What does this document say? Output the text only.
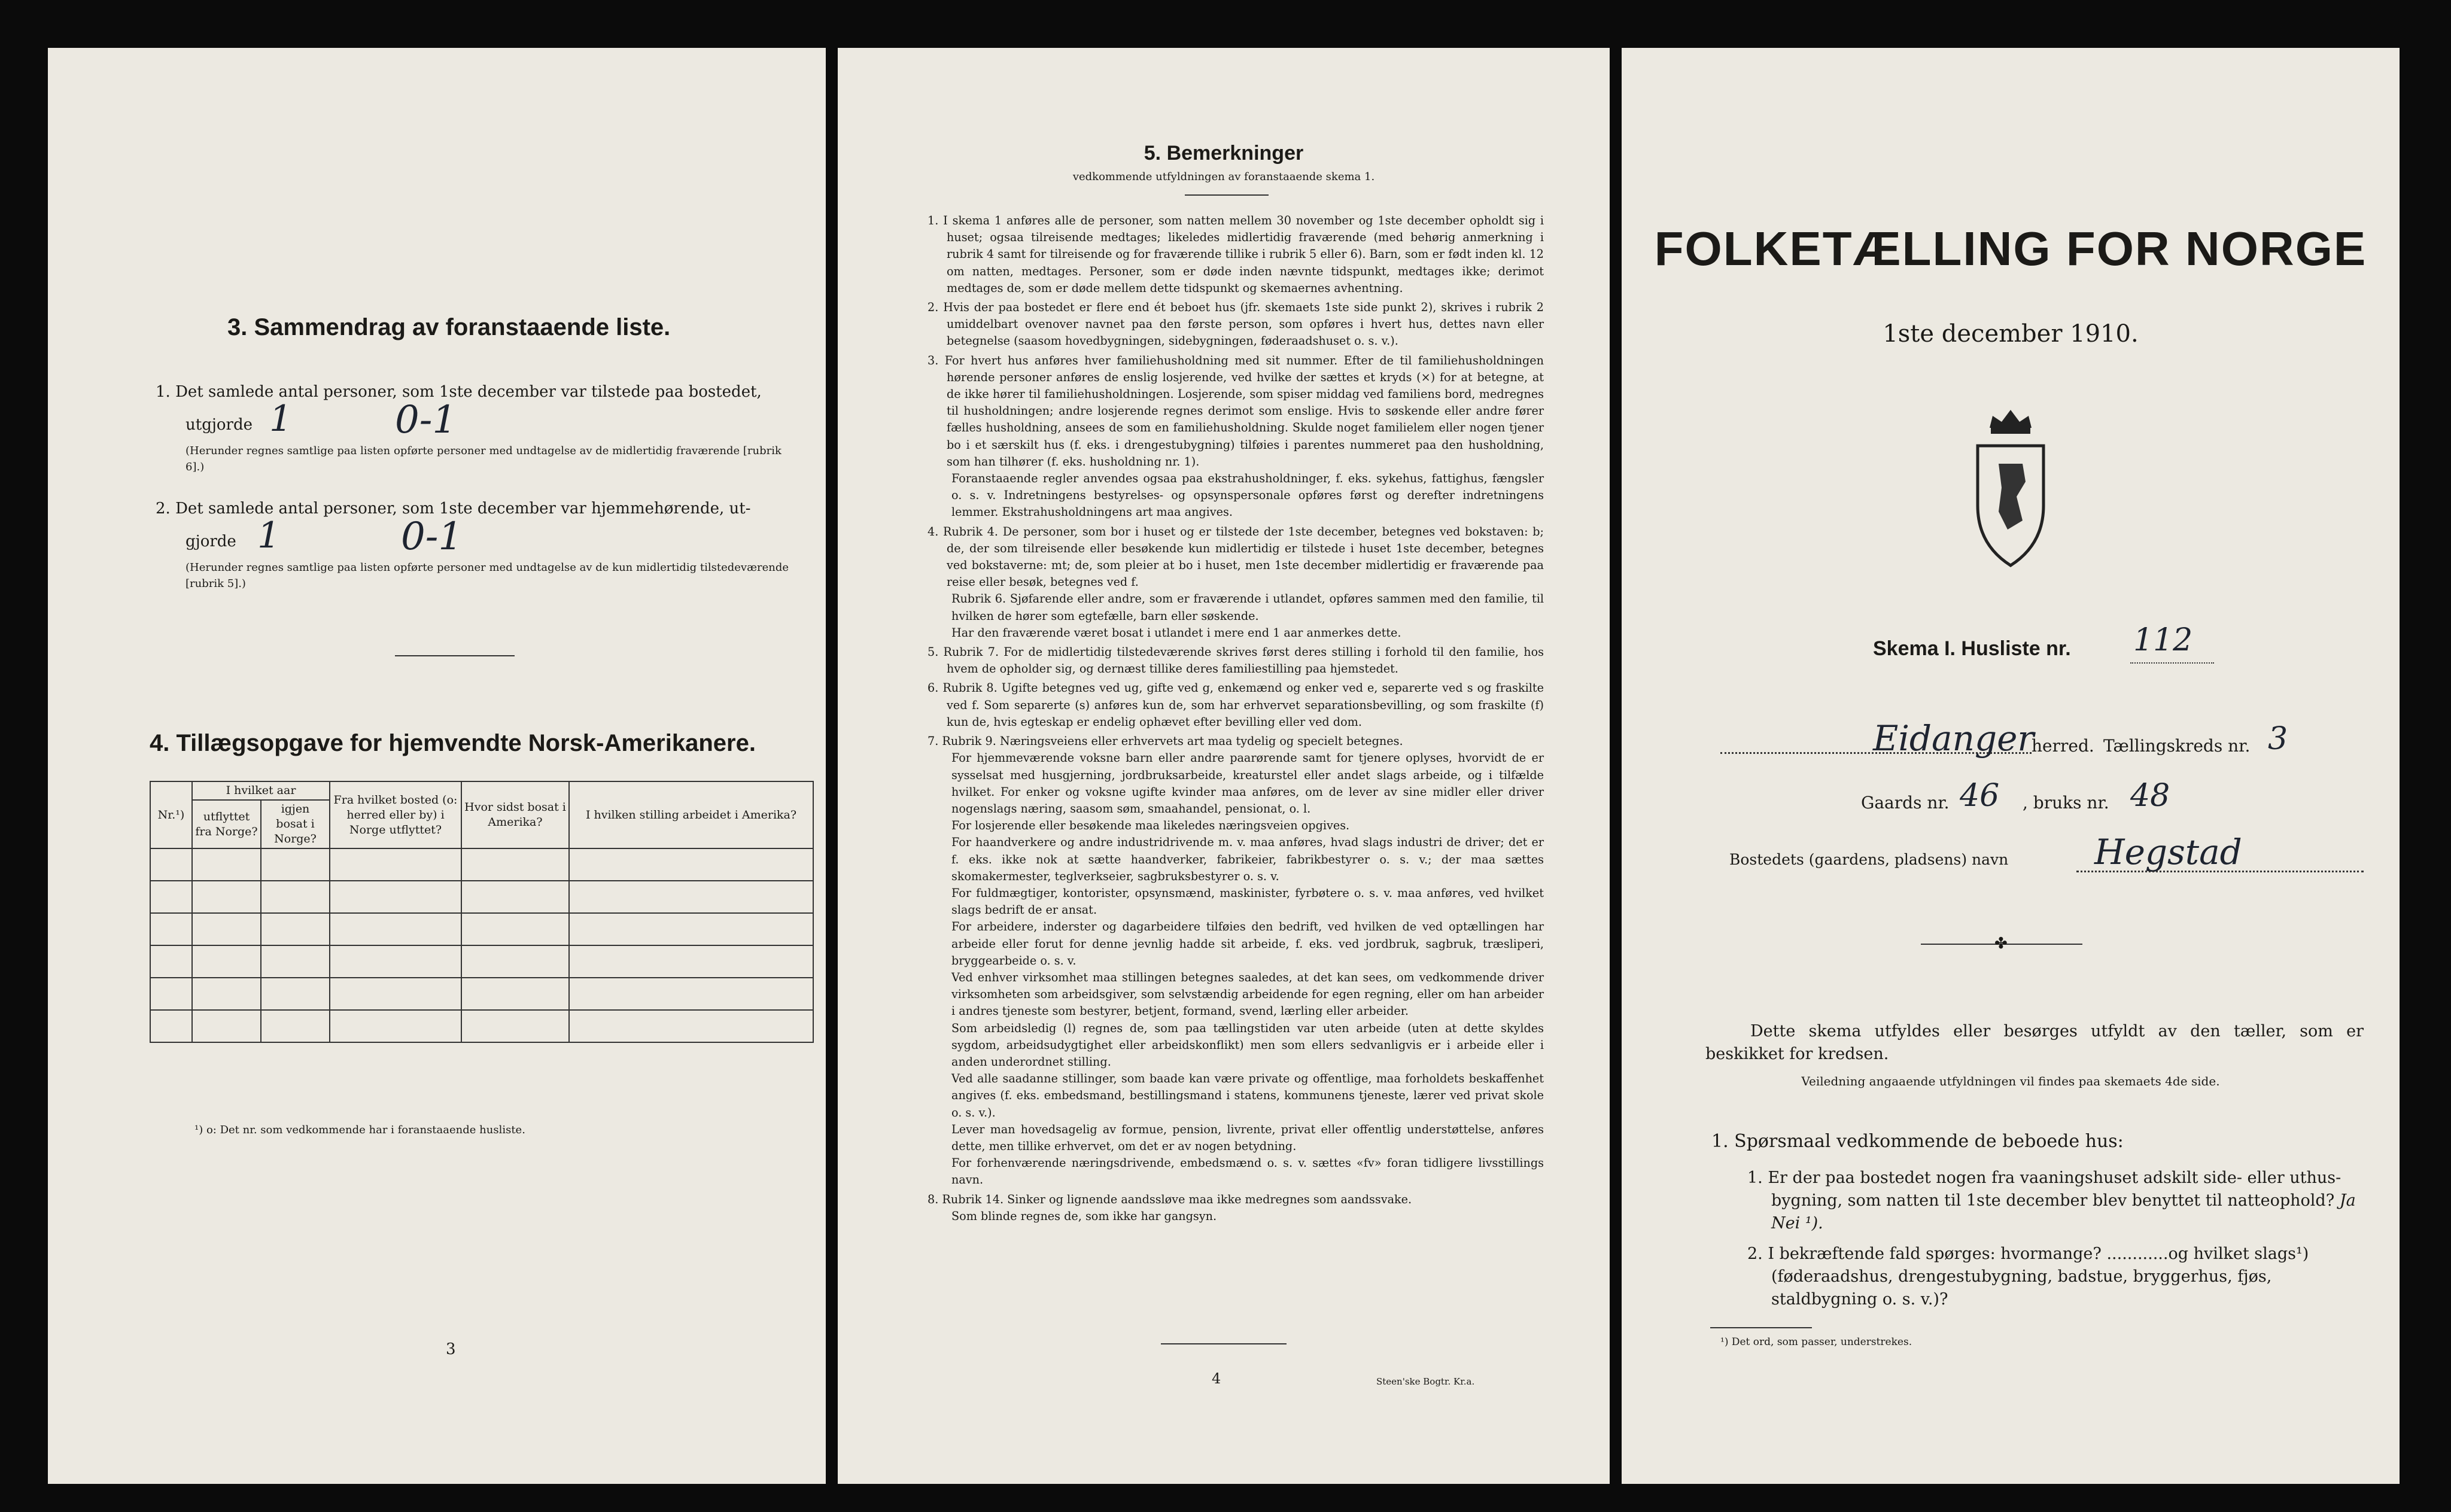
3. Sammendrag av foranstaaende liste.
1. Det samlede antal personer, som 1ste december var tilstede paa bostedet,
utgjorde 1	0-1
(Herunder regnes samtlige paa listen opførte personer med undtagelse av de midlertidig fraværende [rubrik 6].)
2. Det samlede antal personer, som 1ste december var hjemmehørende, ut-
gjorde 1	0-1
(Herunder regnes samtlige paa listen opførte personer med undtagelse av de kun midlertidig tilstedeværende [rubrik 5].)
4. Tillægsopgave for hjemvendte Norsk-Amerikanere.
Nr.¹)	I hvilket aar		Fra hvilket bosted (o: herred eller by) i Norge utflyttet?	Hvor sidst bosat i Amerika?	I hvilken stilling arbeidet i Amerika?
	utflyttet fra Norge?	igjen bosat i Norge?			

¹) o: Det nr. som vedkommende har i foranstaaende husliste.
3
5. Bemerkninger
vedkommende utfyldningen av foranstaaende skema 1.

1. I skema 1 anføres alle de personer, som natten mellem 30 november og 1ste december opholdt sig i huset; ogsaa tilreisende medtages; likeledes midlertidig fraværende (med behørig anmerkning i rubrik 4 samt for tilreisende og for fraværende tillike i rubrik 5 eller 6). Barn, som er født inden kl. 12 om natten, medtages. Personer, som er døde inden nævnte tidspunkt, medtages ikke; derimot medtages de, som er døde mellem dette tidspunkt og skemaernes avhentning.

2. Hvis der paa bostedet er flere end ét beboet hus (jfr. skemaets 1ste side punkt 2), skrives i rubrik 2 umiddelbart ovenover navnet paa den første person, som opføres i hvert hus, dettes navn eller betegnelse (saasom hovedbygningen, sidebygningen, føderaadshuset o. s. v.).

3. For hvert hus anføres hver familiehusholdning med sit nummer. Efter de til familiehusholdningen hørende personer anføres de enslig losjerende, ved hvilke der sættes et kryds (×) for at betegne, at de ikke hører til familiehusholdningen. Losjerende, som spiser middag ved familiens bord, medregnes til husholdningen; andre losjerende regnes derimot som enslige. Hvis to søskende eller andre fører fælles husholdning, ansees de som en familiehusholdning. Skulde noget familielem eller nogen tjener bo i et særskilt hus (f. eks. i drengestubygning) tilføies i parentes nummeret paa den husholdning, som han tilhører (f. eks. husholdning nr. 1).

Foranstaaende regler anvendes ogsaa paa ekstrahusholdninger, f. eks. sykehus, fattighus, fængsler o. s. v. Indretningens bestyrelses- og opsynspersonale opføres først og derefter indretningens lemmer. Ekstrahusholdningens art maa angives.

4. Rubrik 4. De personer, som bor i huset og er tilstede der 1ste december, betegnes ved bokstaven: b; de, der som tilreisende eller besøkende kun midlertidig er tilstede i huset 1ste december, betegnes ved bokstaverne: mt; de, som pleier at bo i huset, men 1ste december midlertidig er fraværende paa reise eller besøk, betegnes ved f.

Rubrik 6. Sjøfarende eller andre, som er fraværende i utlandet, opføres sammen med den familie, til hvilken de hører som egtefælle, barn eller søskende.

Har den fraværende været bosat i utlandet i mere end 1 aar anmerkes dette.

5. Rubrik 7. For de midlertidig tilstedeværende skrives først deres stilling i forhold til den familie, hos hvem de opholder sig, og dernæst tillike deres familiestilling paa hjemstedet.

6. Rubrik 8. Ugifte betegnes ved ug, gifte ved g, enkemænd og enker ved e, separerte ved s og fraskilte ved f. Som separerte (s) anføres kun de, som har erhvervet separationsbevilling, og som fraskilte (f) kun de, hvis egteskap er endelig ophævet efter bevilling eller ved dom.

7. Rubrik 9. Næringsveiens eller erhvervets art maa tydelig og specielt betegnes.

For hjemmeværende voksne barn eller andre paarørende samt for tjenere oplyses, hvorvidt de er sysselsat med husgjerning, jordbruksarbeide, kreaturstel eller andet slags arbeide, og i tilfælde hvilket. For enker og voksne ugifte kvinder maa anføres, om de lever av sine midler eller driver nogenslags næring, saasom søm, smaahandel, pensionat, o. l.

For losjerende eller besøkende maa likeledes næringsveien opgives.

For haandverkere og andre industridrivende m. v. maa anføres, hvad slags industri de driver; det er f. eks. ikke nok at sætte haandverker, fabrikeier, fabrikbestyrer o. s. v.; der maa sættes skomakermester, teglverkseier, sagbruksbestyrer o. s. v.

For fuldmægtiger, kontorister, opsynsmænd, maskinister, fyrbøtere o. s. v. maa anføres, ved hvilket slags bedrift de er ansat.

For arbeidere, inderster og dagarbeidere tilføies den bedrift, ved hvilken de ved optællingen har arbeide eller forut for denne jevnlig hadde sit arbeide, f. eks. ved jordbruk, sagbruk, træsliperi, bryggearbeide o. s. v.

Ved enhver virksomhet maa stillingen betegnes saaledes, at det kan sees, om vedkommende driver virksomheten som arbeidsgiver, som selvstændig arbeidende for egen regning, eller om han arbeider i andres tjeneste som bestyrer, betjent, formand, svend, lærling eller arbeider.

Som arbeidsledig (l) regnes de, som paa tællingstiden var uten arbeide (uten at dette skyldes sygdom, arbeidsudygtighet eller arbeidskonflikt) men som ellers sedvanligvis er i arbeide eller i anden underordnet stilling.

Ved alle saadanne stillinger, som baade kan være private og offentlige, maa forholdets beskaffenhet angives (f. eks. embedsmand, bestillingsmand i statens, kommunens tjeneste, lærer ved privat skole o. s. v.).

Lever man hovedsagelig av formue, pension, livrente, privat eller offentlig understøttelse, anføres dette, men tillike erhvervet, om det er av nogen betydning.

For forhenværende næringsdrivende, embedsmænd o. s. v. sættes «fv» foran tidligere livsstillings navn.

8. Rubrik 14. Sinker og lignende aandssløve maa ikke medregnes som aandssvake.

Som blinde regnes de, som ikke har gangsyn.

4	Steen'ske Bogtr. Kr.a.
FOLKETÆLLING FOR NORGE
1ste december 1910.
Skema I. Husliste nr. 112
Eidanger
herred. Tællingskreds nr. 3
Gaards nr. 46 , bruks nr. 48
Bostedets (gaardens, pladsens) navn Hegstad
✤
Dette skema utfyldes eller besørges utfyldt av den tæller, som er beskikket for kredsen.
Veiledning angaaende utfyldningen vil findes paa skemaets 4de side.
1. Spørsmaal vedkommende de beboede hus:
1. Er der paa bostedet nogen fra vaaningshuset adskilt side- eller uthus-bygning, som natten til 1ste december blev benyttet til natteophold? Ja Nei ¹).
2. I bekræftende fald spørges: hvormange? ............og hvilket slags¹) (føderaadshus, drengestubygning, badstue, bryggerhus, fjøs, staldbygning o. s. v.)?
¹) Det ord, som passer, understrekes.
